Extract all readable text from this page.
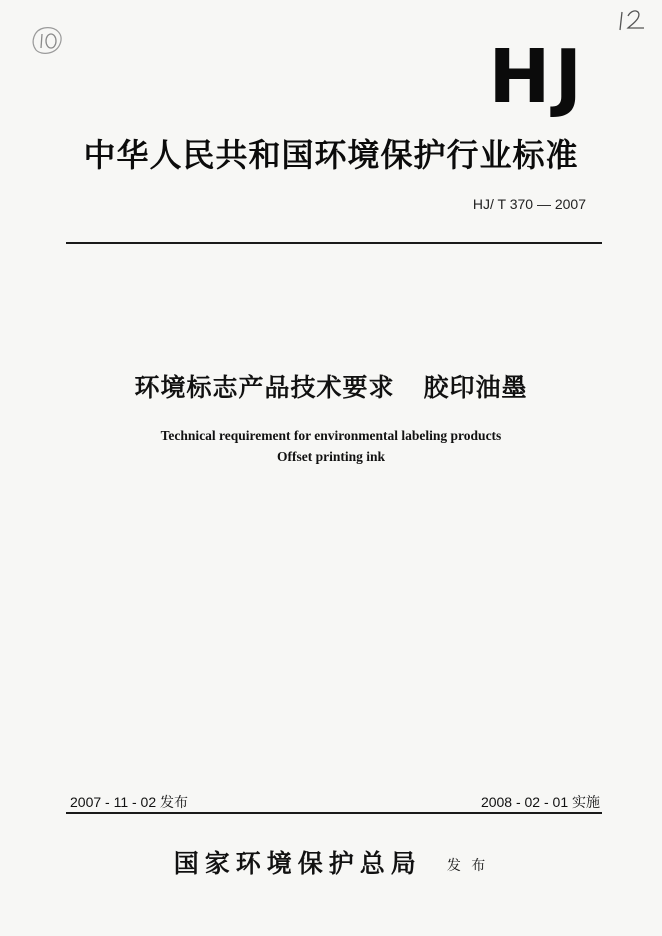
HJ
中华人民共和国环境保护行业标准
HJ/ T 370 — 2007
环境标志产品技术要求   胶印油墨
Technical requirement for environmental labeling products
Offset printing ink
2007 - 11 - 02 发布	2008 - 02 - 01 实施
国家环境保护总局 发 布
